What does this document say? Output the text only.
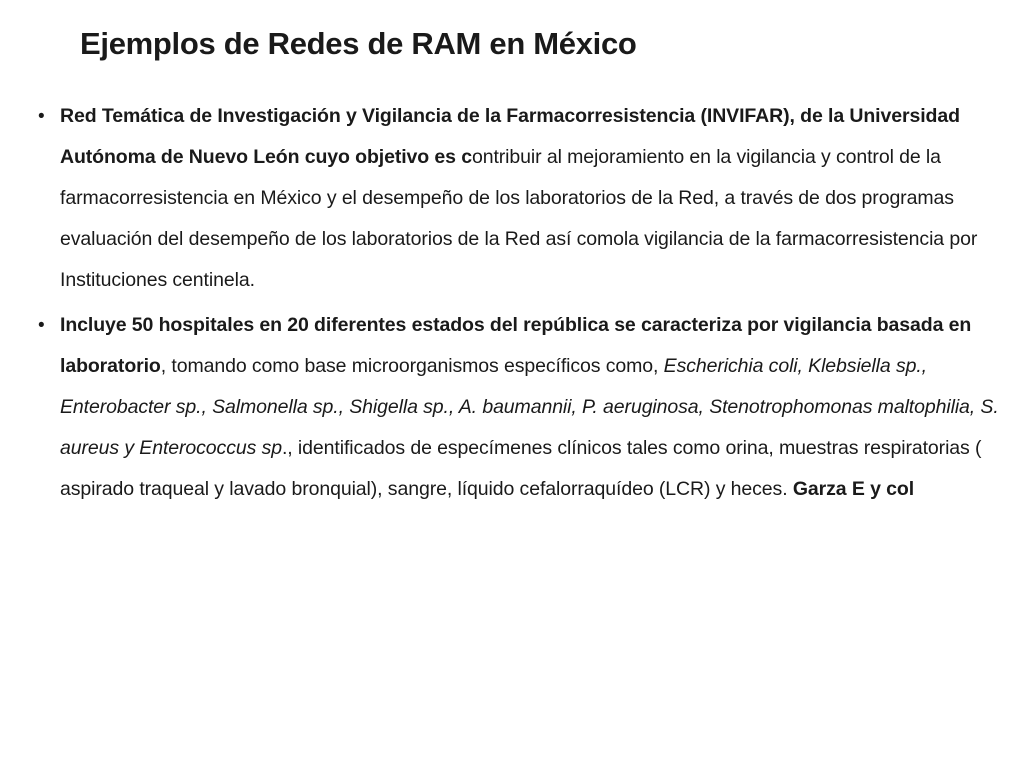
Ejemplos de Redes de RAM en México
• Red Temática de Investigación y Vigilancia de la Farmacorresistencia (INVIFAR), de la Universidad Autónoma de Nuevo León cuyo objetivo es contribuir al mejoramiento en la vigilancia y control de la farmacorresistencia en México y el desempeño de los laboratorios de la Red, a través de dos programas evaluación del desempeño de los laboratorios de la Red así comola vigilancia de la farmacorresistencia por Instituciones centinela.
• Incluye 50 hospitales en 20 diferentes estados del república se caracteriza por vigilancia basada en laboratorio, tomando como base microorganismos específicos como, Escherichia coli, Klebsiella sp., Enterobacter sp., Salmonella sp., Shigella sp., A. baumannii, P. aeruginosa, Stenotrophomonas maltophilia, S. aureus y Enterococcus sp., identificados de especímenes clínicos tales como orina, muestras respiratorias ( aspirado traqueal y lavado bronquial), sangre, líquido cefalorraquídeo (LCR) y heces. Garza E y col
